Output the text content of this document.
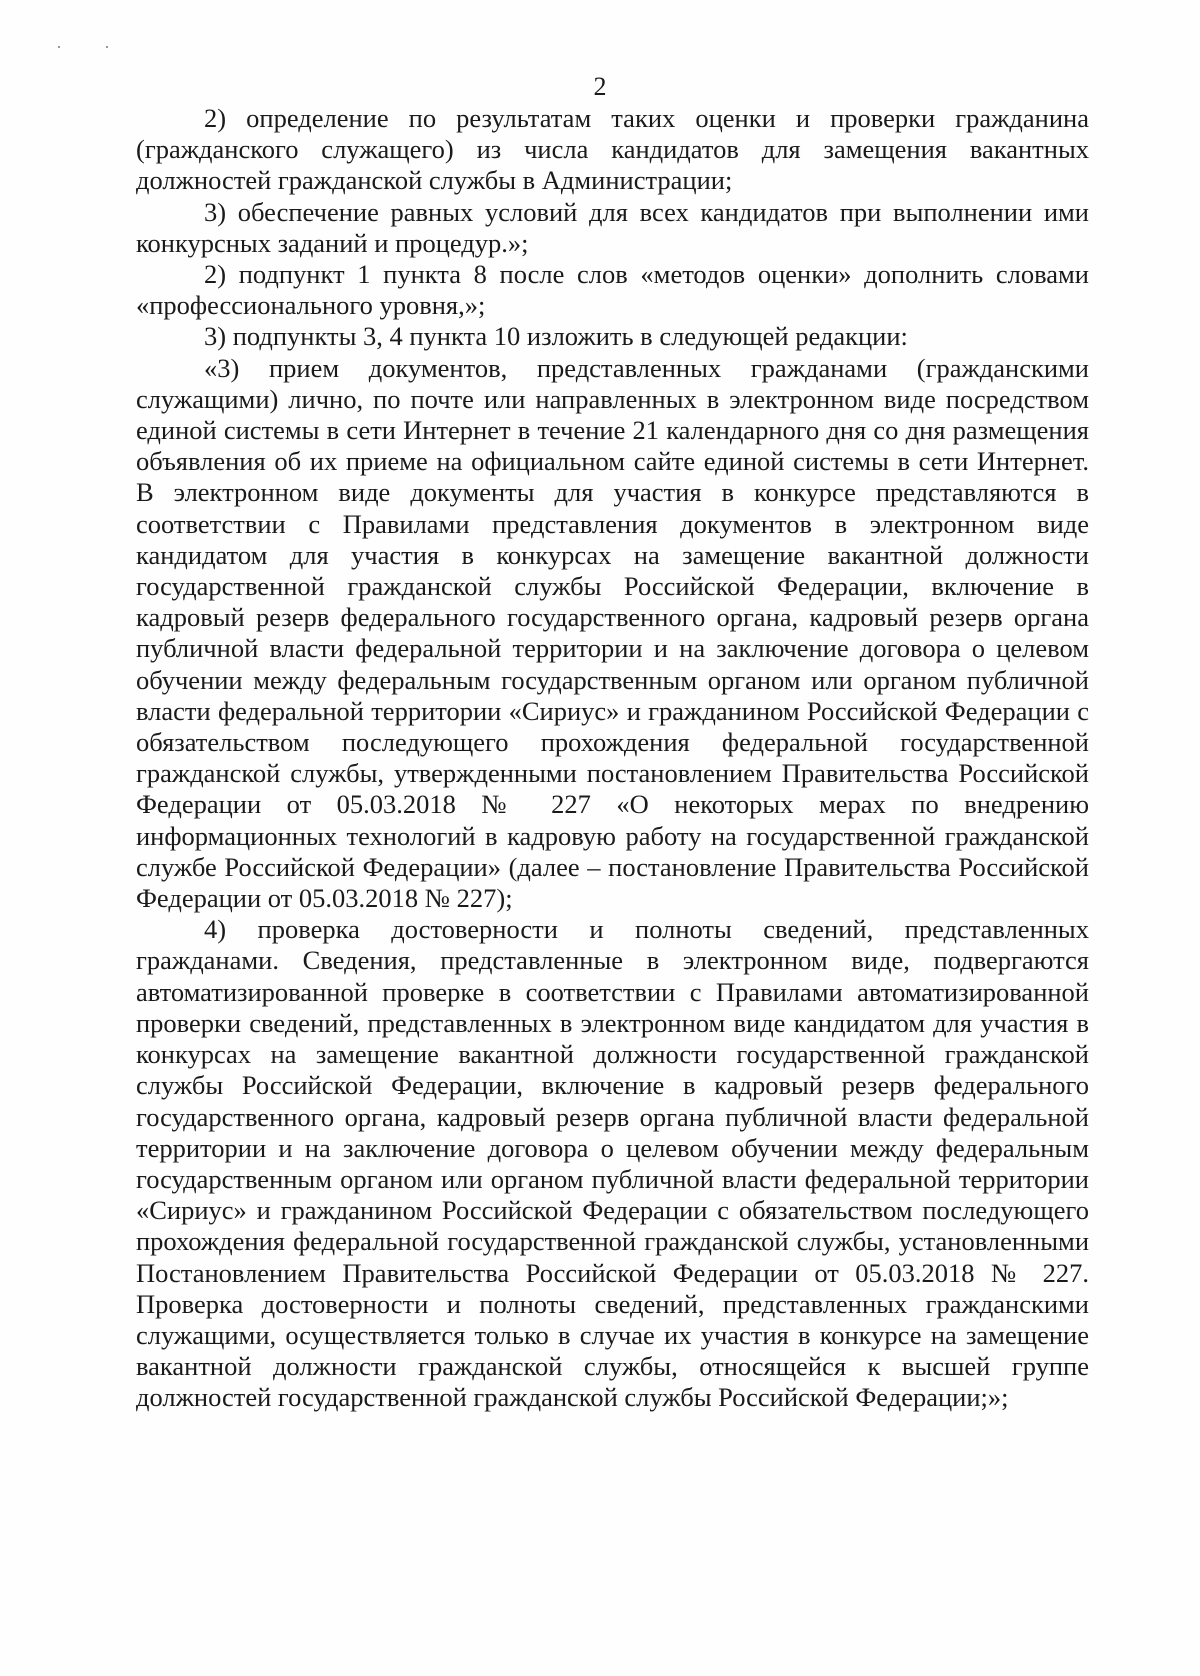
2

2) определение по результатам таких оценки и проверки гражданина (гражданского служащего) из числа кандидатов для замещения вакантных должностей гражданской службы в Администрации;

3) обеспечение равных условий для всех кандидатов при выполнении ими конкурсных заданий и процедур.»;

2) подпункт 1 пункта 8 после слов «методов оценки» дополнить словами «профессионального уровня,»;

3) подпункты 3, 4 пункта 10 изложить в следующей редакции:

«3) прием документов, представленных гражданами (гражданскими служащими) лично, по почте или направленных в электронном виде посредством единой системы в сети Интернет в течение 21 календарного дня со дня размещения объявления об их приеме на официальном сайте единой системы в сети Интернет. В электронном виде документы для участия в конкурсе представляются в соответствии с Правилами представления документов в электронном виде кандидатом для участия в конкурсах на замещение вакантной должности государственной гражданской службы Российской Федерации, включение в кадровый резерв федерального государственного органа, кадровый резерв органа публичной власти федеральной территории и на заключение договора о целевом обучении между федеральным государственным органом или органом публичной власти федеральной территории «Сириус» и гражданином Российской Федерации с обязательством последующего прохождения федеральной государственной гражданской службы, утвержденными постановлением Правительства Российской Федерации от 05.03.2018 № 227 «О некоторых мерах по внедрению информационных технологий в кадровую работу на государственной гражданской службе Российской Федерации» (далее – постановление Правительства Российской Федерации от 05.03.2018 № 227);

4) проверка достоверности и полноты сведений, представленных гражданами. Сведения, представленные в электронном виде, подвергаются автоматизированной проверке в соответствии с Правилами автоматизированной проверки сведений, представленных в электронном виде кандидатом для участия в конкурсах на замещение вакантной должности государственной гражданской службы Российской Федерации, включение в кадровый резерв федерального государственного органа, кадровый резерв органа публичной власти федеральной территории и на заключение договора о целевом обучении между федеральным государственным органом или органом публичной власти федеральной территории «Сириус» и гражданином Российской Федерации с обязательством последующего прохождения федеральной государственной гражданской службы, установленными Постановлением Правительства Российской Федерации от 05.03.2018 № 227. Проверка достоверности и полноты сведений, представленных гражданскими служащими, осуществляется только в случае их участия в конкурсе на замещение вакантной должности гражданской службы, относящейся к высшей группе должностей государственной гражданской службы Российской Федерации;»;
